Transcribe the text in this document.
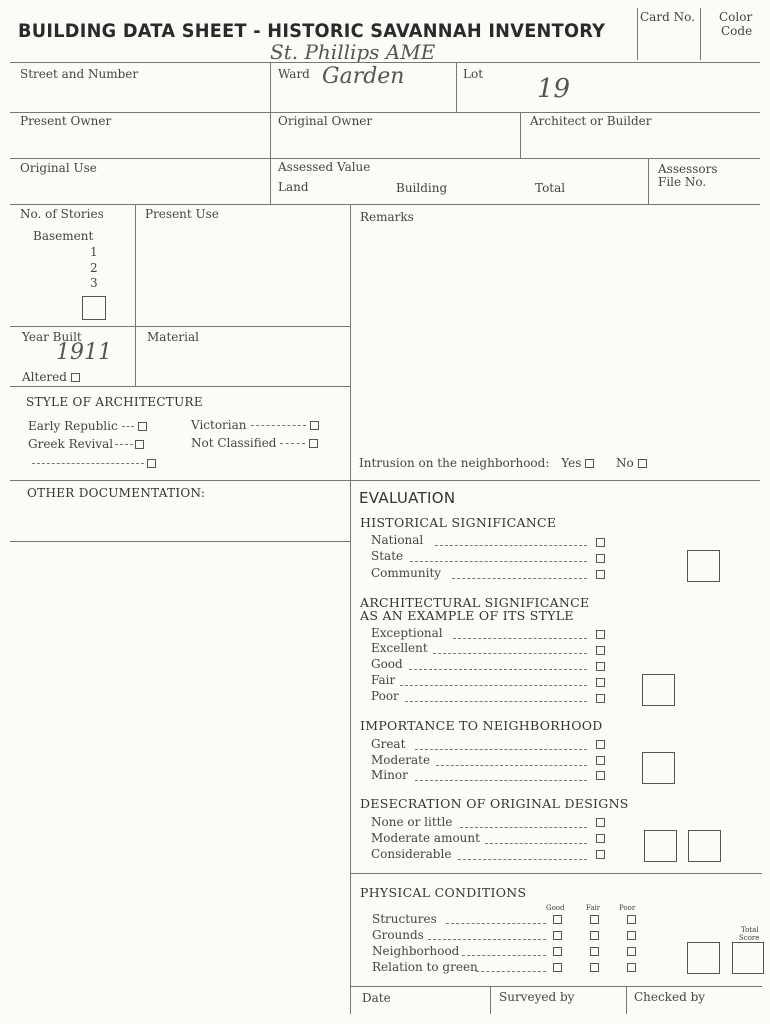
BUILDING DATA SHEET - HISTORIC SAVANNAH INVENTORY
St. Phillips AME
Card No. Color
Code
Street and Number	Ward Garden	Lot 19
Present Owner	Original Owner	Architect or Builder
Original Use	Assessed Value
Land	Building	Total
Assessors
File No.
No. of Stories
Basement
1
2
3
Present Use	Remarks
Year Built
1911
Altered
Material
STYLE OF ARCHITECTURE
Early Republic
Greek Revival
Victorian
Not Classified
Intrusion on the neighborhood: Yes	No
OTHER DOCUMENTATION:	EVALUATION
HISTORICAL SIGNIFICANCE
National
State
Community
ARCHITECTURAL SIGNIFICANCE
AS AN EXAMPLE OF ITS STYLE
Exceptional
Excellent
Good
Fair
Poor
IMPORTANCE TO NEIGHBORHOOD
Great
Moderate
Minor
DESECRATION OF ORIGINAL DESIGNS
None or little
Moderate amount
Considerable
PHYSICAL CONDITIONS
Good	Fair	Poor
Structures
Grounds
Neighborhood
Relation to green
Total
Score
Date	Surveyed by	Checked by
